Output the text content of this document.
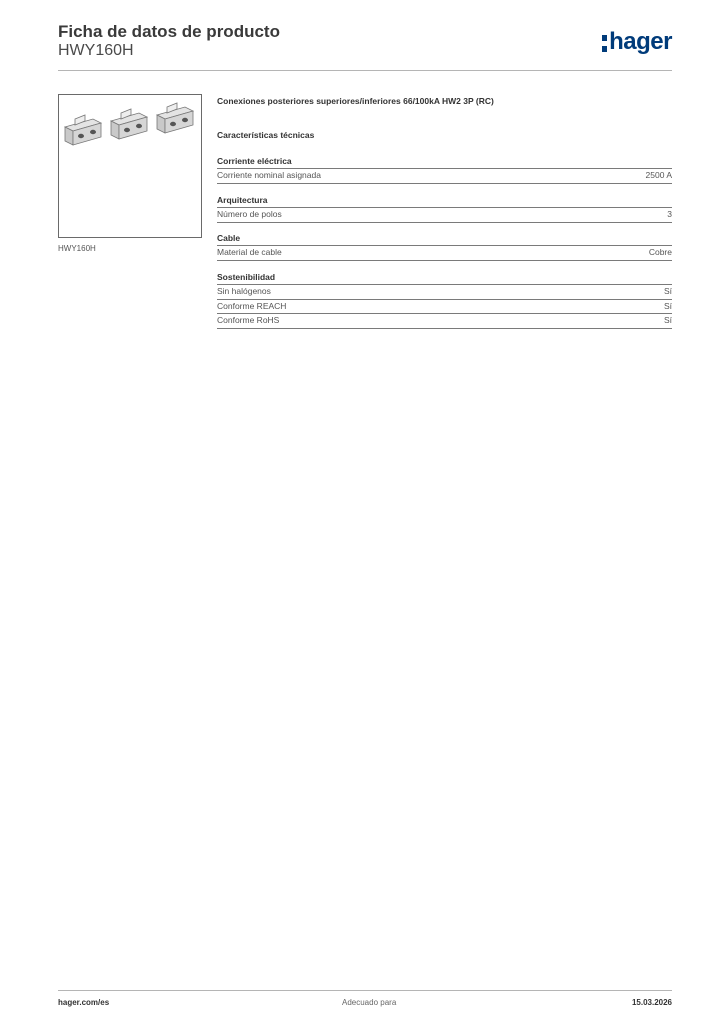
Ficha de datos de producto
HWY160H	hager
HWY160H
Conexiones posteriores superiores/inferiores 66/100kA HW2 3P (RC)
Características técnicas
Corriente eléctrica
Corriente nominal asignada	2500 A
Arquitectura
Número de polos	3
Cable
Material de cable	Cobre
Sostenibilidad
Sin halógenos	Sí
Conforme REACH	Sí
Conforme RoHS	Sí
hager.com/es	Adecuado para	15.03.2026
